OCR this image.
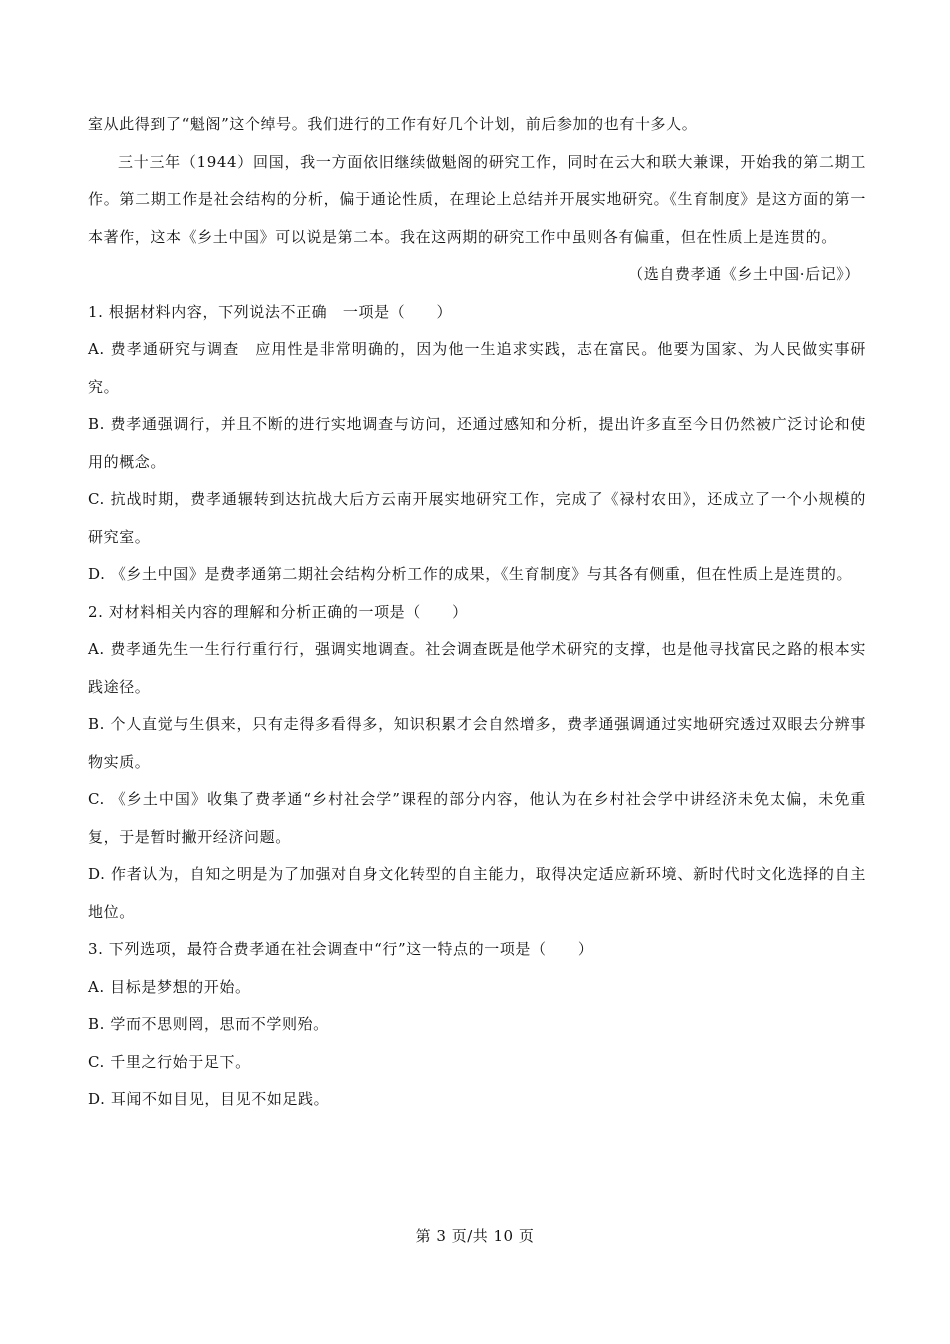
室从此得到了“魁阁”这个绰号。我们进行的工作有好几个计划，前后参加的也有十多人。

三十三年（1944）回国，我一方面依旧继续做魁阁的研究工作，同时在云大和联大兼课，开始我的第二期工作。第二期工作是社会结构的分析，偏于通论性质，在理论上总结并开展实地研究。《生育制度》是这方面的第一本著作，这本《乡土中国》可以说是第二本。我在这两期的研究工作中虽则各有偏重，但在性质上是连贯的。

（选自费孝通《乡土中国·后记》）

1. 根据材料内容，下列说法不正确　一项是（　　）

A. 费孝通研究与调查　应用性是非常明确的，因为他一生追求实践，志在富民。他要为国家、为人民做实事研究。

B. 费孝通强调行，并且不断的进行实地调查与访问，还通过感知和分析，提出许多直至今日仍然被广泛讨论和使用的概念。

C. 抗战时期，费孝通辗转到达抗战大后方云南开展实地研究工作，完成了《禄村农田》，还成立了一个小规模的研究室。

D. 《乡土中国》是费孝通第二期社会结构分析工作的成果，《生育制度》与其各有侧重，但在性质上是连贯的。

2. 对材料相关内容的理解和分析正确的一项是（　　）

A. 费孝通先生一生行行重行行，强调实地调查。社会调查既是他学术研究的支撑，也是他寻找富民之路的根本实践途径。

B. 个人直觉与生俱来，只有走得多看得多，知识积累才会自然增多，费孝通强调通过实地研究透过双眼去分辨事物实质。

C. 《乡土中国》收集了费孝通“乡村社会学”课程的部分内容，他认为在乡村社会学中讲经济未免太偏，未免重复，于是暂时撇开经济问题。

D. 作者认为，自知之明是为了加强对自身文化转型的自主能力，取得决定适应新环境、新时代时文化选择的自主地位。

3. 下列选项，最符合费孝通在社会调查中“行”这一特点的一项是（　　）

A. 目标是梦想的开始。

B. 学而不思则罔，思而不学则殆。

C. 千里之行始于足下。

D. 耳闻不如目见，目见不如足践。

第 3 页/共 10 页
